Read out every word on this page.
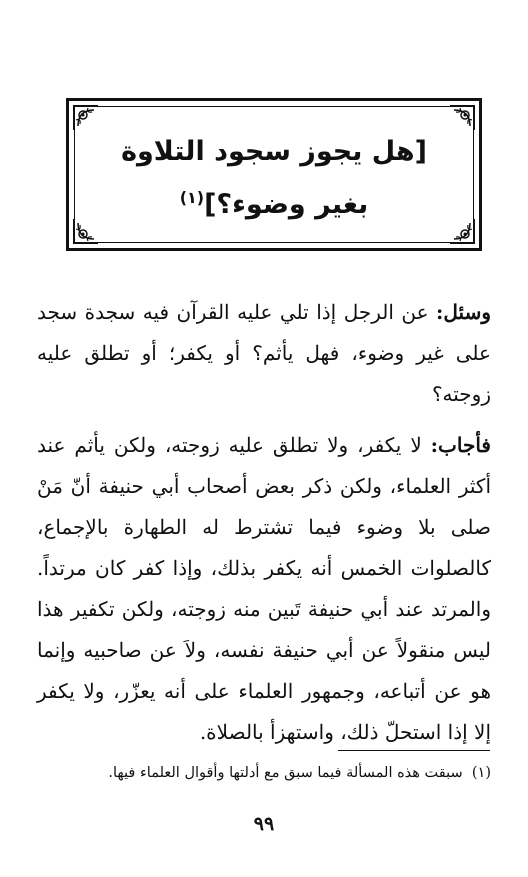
[هل يجوز سجود التلاوة
بغير وضوء؟]$^{(١)}$
وسئل: عن الرجل إذا تلي عليه القرآن فيه سجدة سجد على غير وضوء، فهل يأثم؟ أو يكفر؛ أو تطلق عليه زوجته؟
فأجاب: لا يكفر، ولا تطلق عليه زوجته، ولكن يأثم عند أكثر العلماء، ولكن ذكر بعض أصحاب أبي حنيفة أنّ مَنْ صلى بلا وضوء فيما تشترط له الطهارة بالإجماع، كالصلوات الخمس أنه يكفر بذلك، وإذا كفر كان مرتداً. والمرتد عند أبي حنيفة تَبين منه زوجته، ولكن تكفير هذا ليس منقولاً عن أبي حنيفة نفسه، ولاَ عن صاحبيه وإنما هو عن أتباعه، وجمهور العلماء على أنه يعزّر، ولا يكفر إلا إذا استحلّ ذلك، واستهزأ بالصلاة.
(١)  سبقت هذه المسألة فيما سبق مع أدلتها وأقوال العلماء فيها.
٩٩
